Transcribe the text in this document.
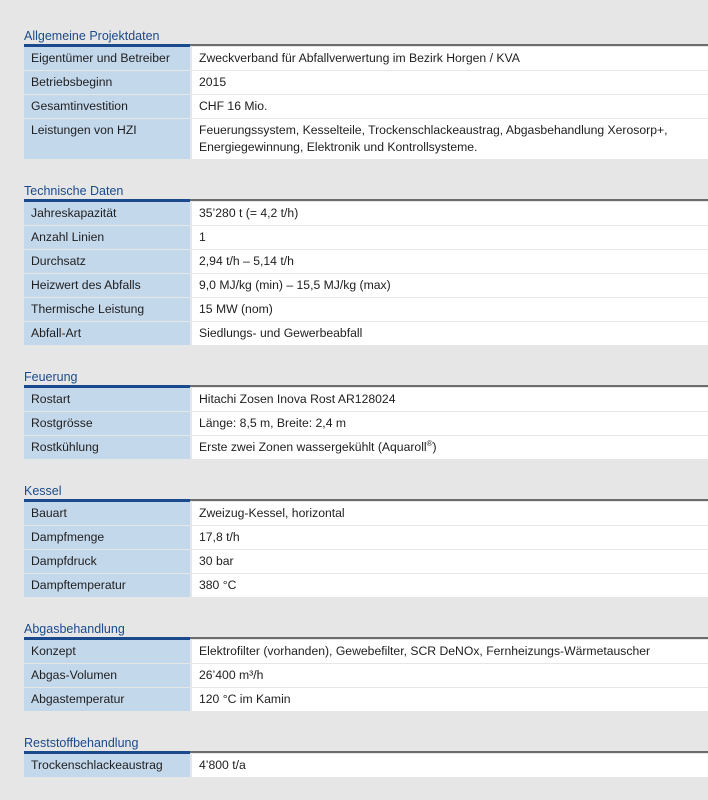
Allgemeine Projektdaten
Eigentümer und Betreiber	Zweckverband für Abfallverwertung im Bezirk Horgen / KVA
Betriebsbeginn	2015
Gesamtinvestition	CHF 16 Mio.
Leistungen von HZI	Feuerungssystem, Kesselteile, Trockenschlackeaustrag, Abgasbehandlung Xerosorp+,
Energiegewinnung, Elektronik und Kontrollsysteme.
Technische Daten
Jahreskapazität	35’280 t (= 4,2 t/h)
Anzahl Linien	1
Durchsatz	2,94 t/h – 5,14 t/h
Heizwert des Abfalls	9,0 MJ/kg (min) – 15,5 MJ/kg (max)
Thermische Leistung	15 MW (nom)
Abfall-Art	Siedlungs- und Gewerbeabfall
Feuerung
Rostart	Hitachi Zosen Inova Rost AR128024
Rostgrösse	Länge: 8,5 m, Breite: 2,4 m
Rostkühlung	Erste zwei Zonen wassergekühlt (Aquaroll®)
Kessel
Bauart	Zweizug-Kessel, horizontal
Dampfmenge	17,8 t/h
Dampfdruck	30 bar
Dampftemperatur	380 °C
Abgasbehandlung
Konzept	Elektrofilter (vorhanden), Gewebefilter, SCR DeNOx, Fernheizungs-Wärmetauscher
Abgas-Volumen	26’400 m³/h
Abgastemperatur	120 °C im Kamin
Reststoffbehandlung
Trockenschlackeaustrag	4’800 t/a
